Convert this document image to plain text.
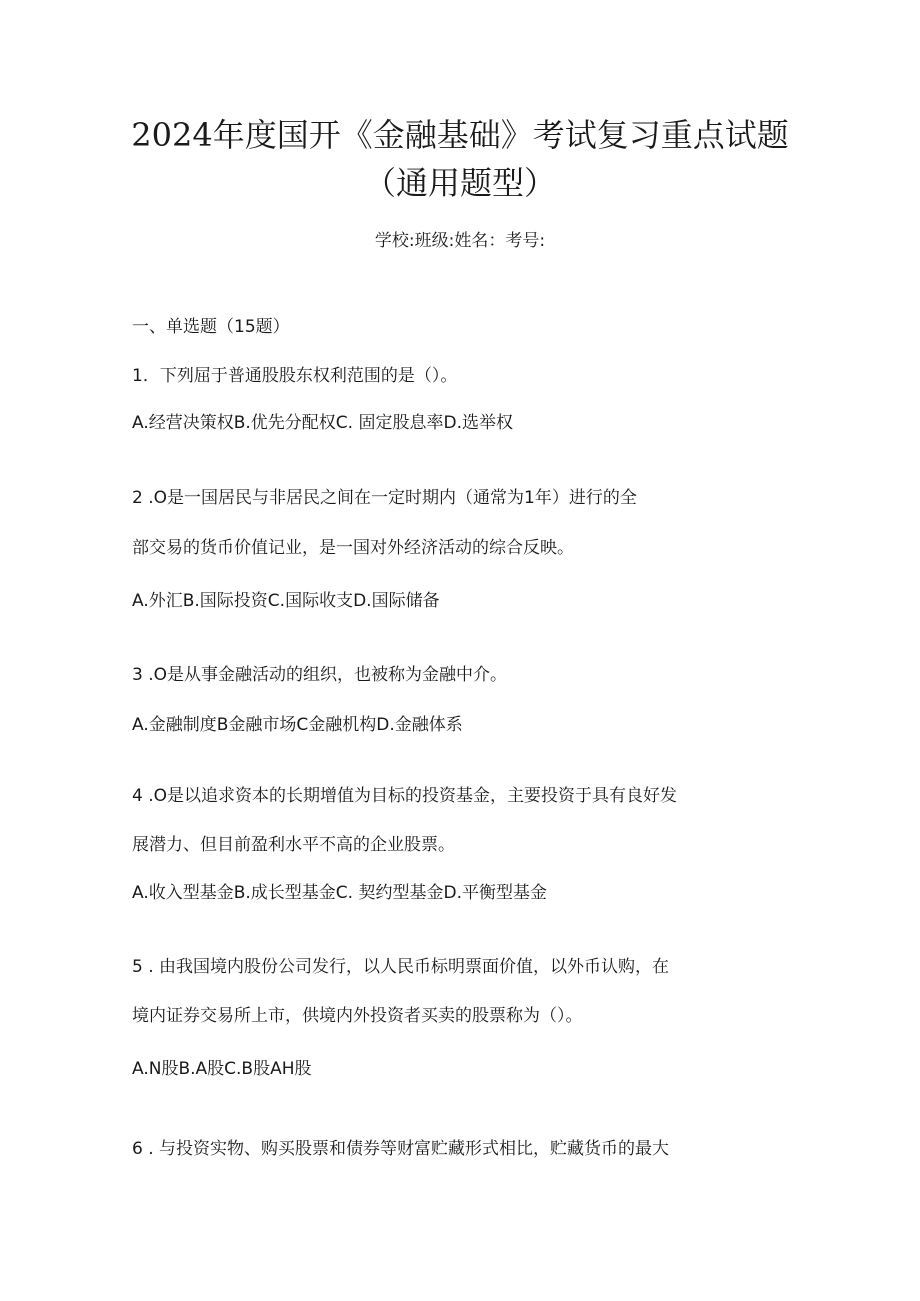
2024年度国开《金融基础》考试复习重点试题
（通用题型）
学校:班级:姓名：考号:
一、单选题（15题）
1．下列屈于普通股股东权利范围的是（）。
A.经营决策权B.优先分配权C. 固定股息率D.选举权
2 .O是一国居民与非居民之间在一定时期内（通常为1年）进行的全
部交易的货币价值记业，是一国对外经济活动的综合反映。
A.外汇B.国际投资C.国际收支D.国际储备
3 .O是从事金融活动的组织，也被称为金融中介。
A.金融制度B金融市场C金融机构D.金融体系
4 .O是以追求资本的长期增值为目标的投资基金，主要投资于具有良好发
展潜力、但目前盈利水平不高的企业股票。
A.收入型基金B.成长型基金C. 契约型基金D.平衡型基金
5 . 由我国境内股份公司发行，以人民币标明票面价值，以外币认购，在
境内证券交易所上市，供境内外投资者买卖的股票称为（）。
A.N股B.A股C.B股AH股
6 . 与投资实物、购买股票和债券等财富贮藏形式相比，贮藏货币的最大
